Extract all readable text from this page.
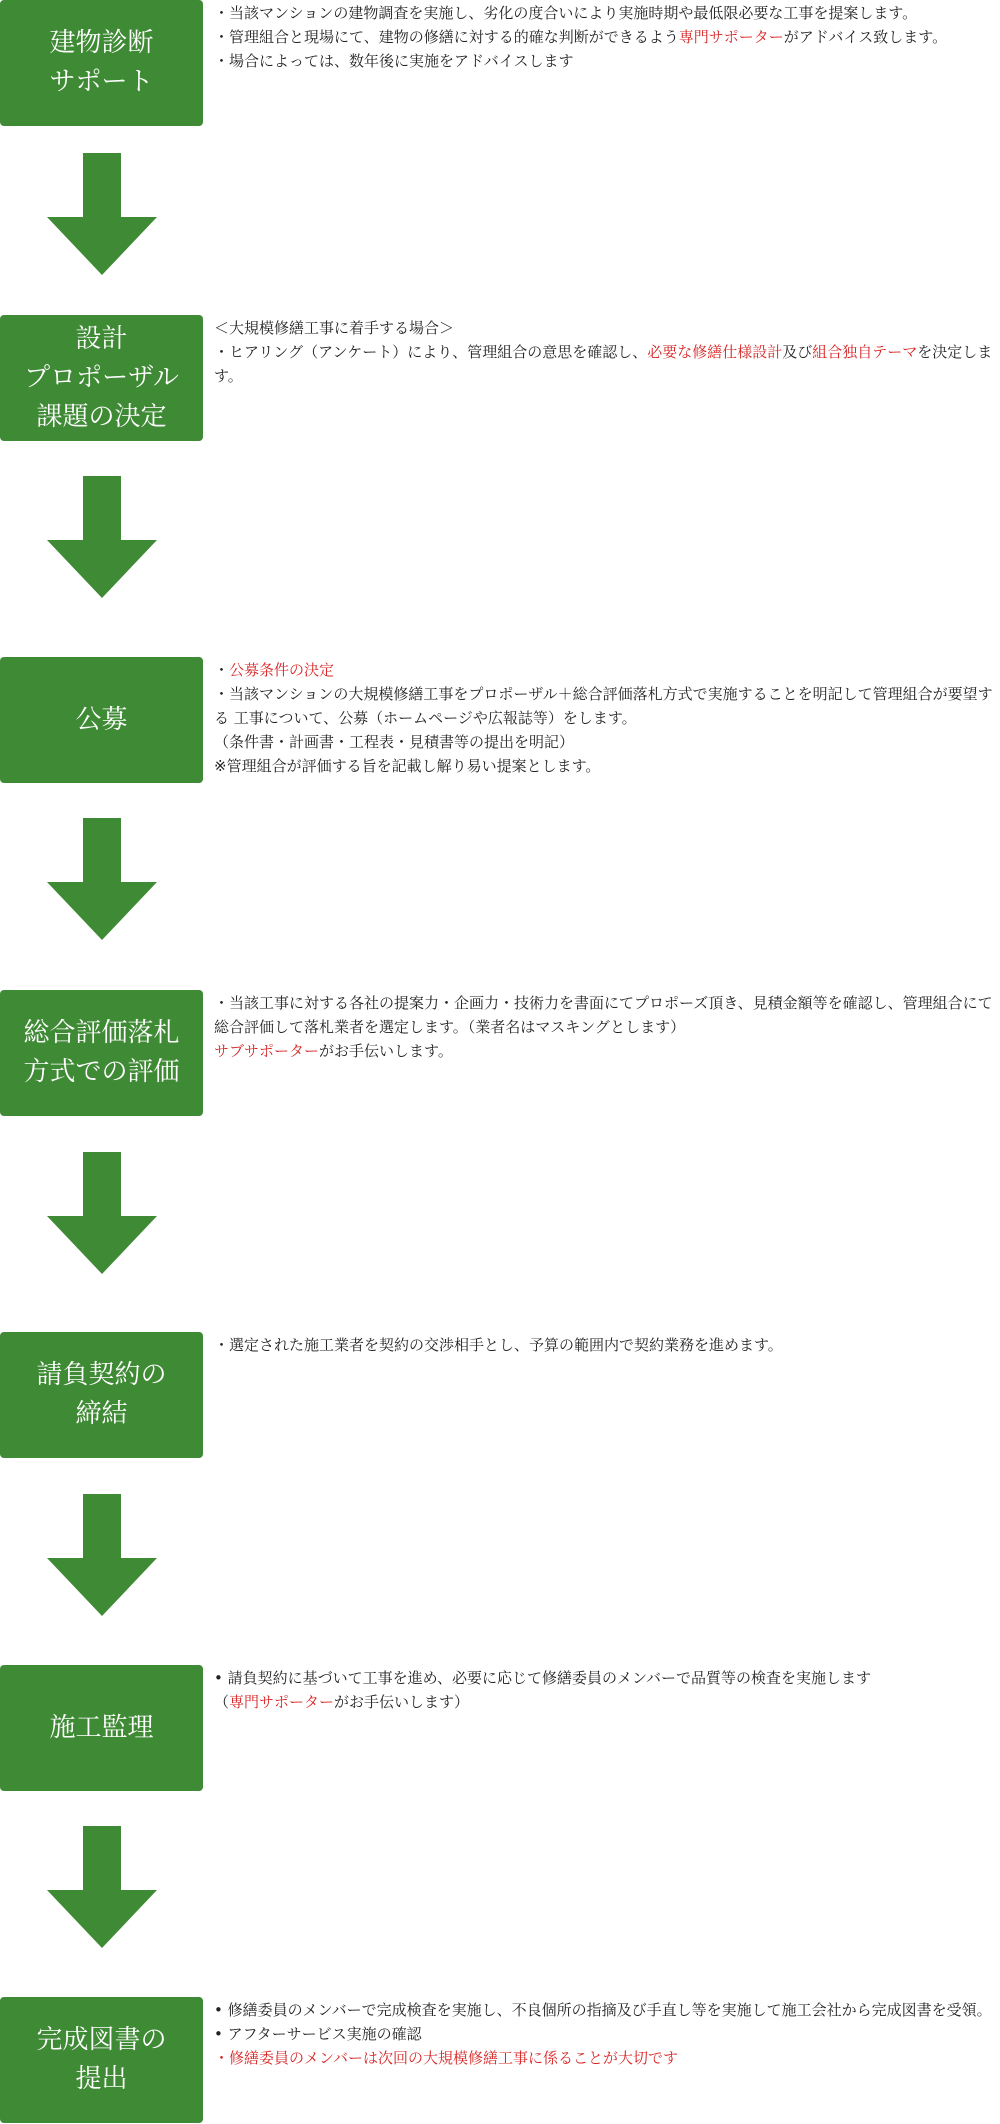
建物診断
サポート
・当該マンションの建物調査を実施し、劣化の度合いにより実施時期や最低限必要な工事を提案します。
・管理組合と現場にて、建物の修繕に対する的確な判断ができるよう専門サポーターがアドバイス致します。
・場合によっては、数年後に実施をアドバイスします
設計
プロポーザル
課題の決定
＜大規模修繕工事に着手する場合＞
・ヒアリング（アンケート）により、管理組合の意思を確認し、必要な修繕仕様設計及び組合独自テーマを決定します。
公募
・公募条件の決定
・当該マンションの大規模修繕工事をプロポーザル＋総合評価落札方式で実施することを明記して管理組合が要望する 工事について、公募（ホームページや広報誌等）をします。
（条件書・計画書・工程表・見積書等の提出を明記）
※管理組合が評価する旨を記載し解り易い提案とします。
総合評価落札
方式での評価
・当該工事に対する各社の提案力・企画力・技術力を書面にてプロポーズ頂き、見積金額等を確認し、管理組合にて総合評価して落札業者を選定します。（業者名はマスキングとします）
サブサポーターがお手伝いします。
請負契約の
締結
・選定された施工業者を契約の交渉相手とし、予算の範囲内で契約業務を進めます。
施工監理
• 請負契約に基づいて工事を進め、必要に応じて修繕委員のメンバーで品質等の検査を実施します
（専門サポーターがお手伝いします）
完成図書の
提出
• 修繕委員のメンバーで完成検査を実施し、不良個所の指摘及び手直し等を実施して施工会社から完成図書を受領。
• アフターサービス実施の確認
・修繕委員のメンバーは次回の大規模修繕工事に係ることが大切です
